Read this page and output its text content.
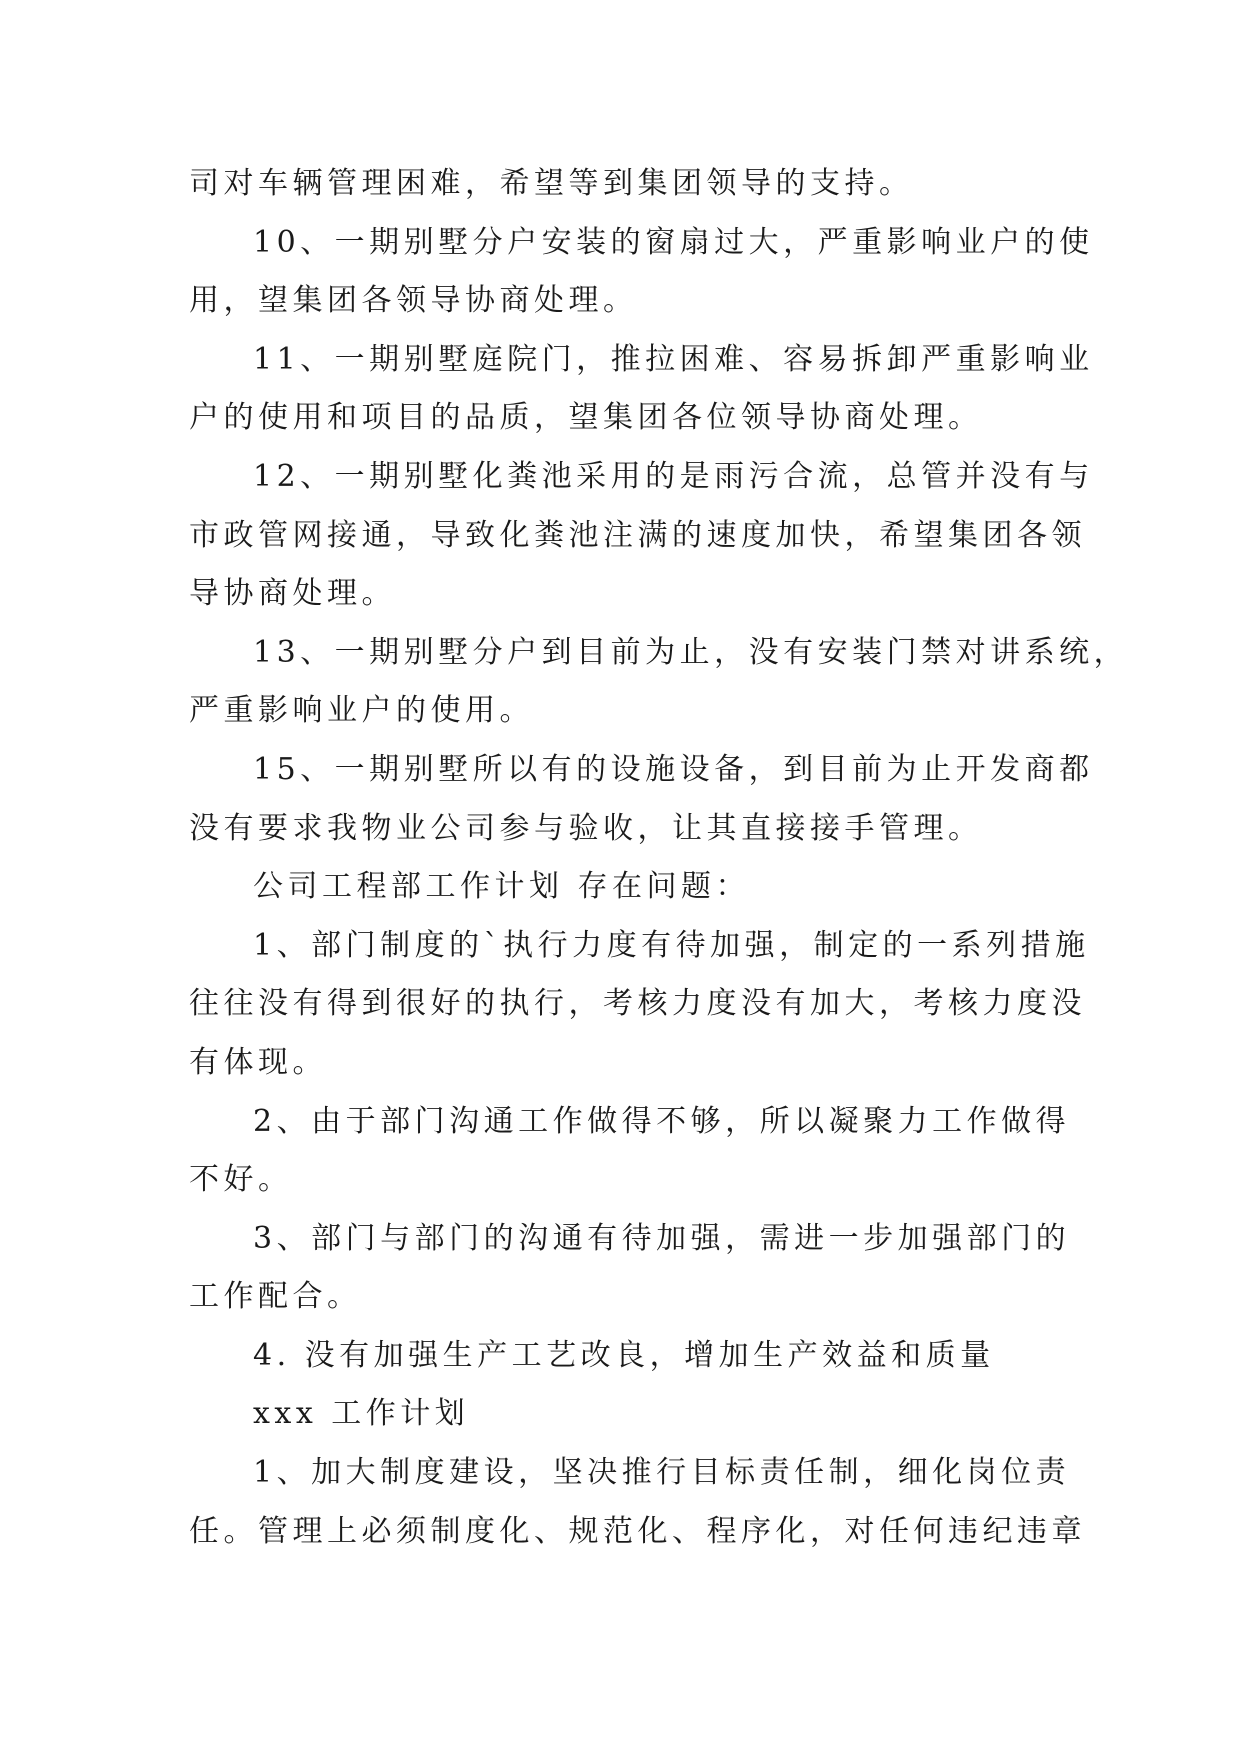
司对车辆管理困难，希望等到集团领导的支持。

10、一期别墅分户安装的窗扇过大，严重影响业户的使

用，望集团各领导协商处理。

11、一期别墅庭院门，推拉困难、容易拆卸严重影响业

户的使用和项目的品质，望集团各位领导协商处理。

12、一期别墅化粪池采用的是雨污合流，总管并没有与

市政管网接通，导致化粪池注满的速度加快，希望集团各领

导协商处理。

13、一期别墅分户到目前为止，没有安装门禁对讲系统，

严重影响业户的使用。

15、一期别墅所以有的设施设备，到目前为止开发商都

没有要求我物业公司参与验收，让其直接接手管理。

公司工程部工作计划 存在问题：

1、部门制度的`执行力度有待加强，制定的一系列措施

往往没有得到很好的执行，考核力度没有加大，考核力度没

有体现。

2、由于部门沟通工作做得不够，所以凝聚力工作做得

不好。

3、部门与部门的沟通有待加强，需进一步加强部门的

工作配合。

4. 没有加强生产工艺改良，增加生产效益和质量

xxx 工作计划

1、加大制度建设，坚决推行目标责任制，细化岗位责

任。管理上必须制度化、规范化、程序化，对任何违纪违章
